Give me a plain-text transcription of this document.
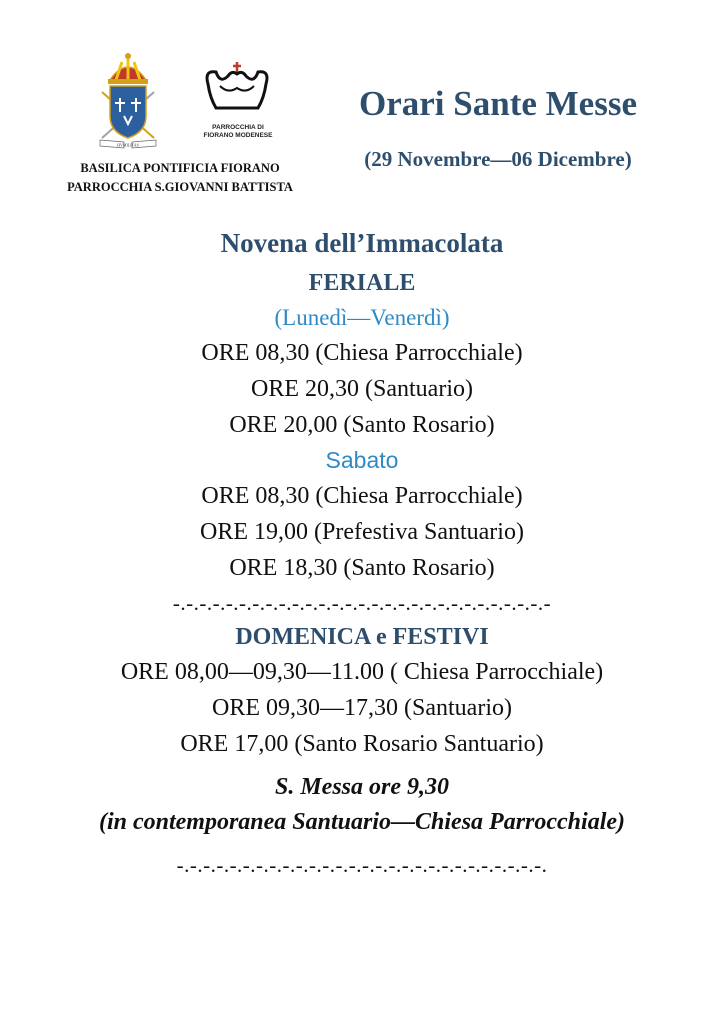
HVMILITAS
PARROCCHIA DI
FIORANO MODENESE
BASILICA PONTIFICIA FIORANO
PARROCCHIA S.GIOVANNI BATTISTA
Orari Sante Messe
(29 Novembre—06 Dicembre)
Novena dell’Immacolata
FERIALE
(Lunedì—Venerdì)
ORE 08,30 (Chiesa Parrocchiale)
ORE 20,30 (Santuario)
ORE 20,00 (Santo Rosario)
Sabato
ORE 08,30 (Chiesa Parrocchiale)
ORE 19,00 (Prefestiva Santuario)
ORE 18,30 (Santo Rosario)
-.-.-.-.-.-.-.-.-.-.-.-.-.-.-.-.-.-.-.-.-.-.-.-.-.-.-.-.-
DOMENICA e FESTIVI
ORE 08,00—09,30—11.00 ( Chiesa Parrocchiale)
ORE 09,30—17,30 (Santuario)
ORE 17,00 (Santo Rosario Santuario)
S. Messa ore 9,30
(in contemporanea Santuario—Chiesa Parrocchiale)
-.-.-.-.-.-.-.-.-.-.-.-.-.-.-.-.-.-.-.-.-.-.-.-.-.-.-.-.
